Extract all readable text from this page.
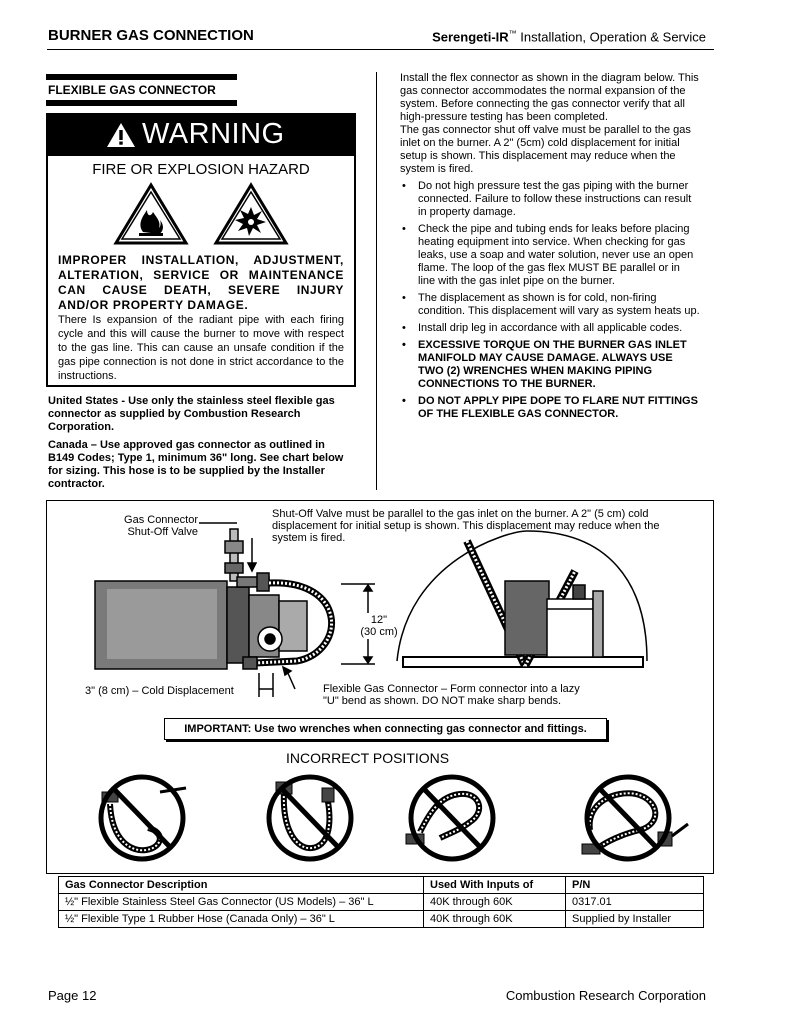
BURNER GAS CONNECTION	Serengeti-IR™ Installation, Operation & Service
FLEXIBLE GAS CONNECTOR
WARNING
FIRE OR EXPLOSION HAZARD
IMPROPER INSTALLATION, ADJUSTMENT, ALTERATION, SERVICE OR MAINTENANCE CAN CAUSE DEATH, SEVERE INJURY AND/OR PROPERTY DAMAGE.
There Is expansion of the radiant pipe with each firing cycle and this will cause the burner to move with respect to the gas line. This can cause an unsafe condition if the gas pipe connection is not done in strict accordance to the instructions.
United States - Use only the stainless steel flexible gas connector as supplied by Combustion Research Corporation.
Canada – Use approved gas connector as outlined in B149 Codes; Type 1, minimum 36" long. See chart below for sizing. This hose is to be supplied by the Installer contractor.

Install the flex connector as shown in the diagram below. This gas connector accommodates the normal expansion of the system. Before connecting the gas connector verify that all high-pressure testing has been completed.

The gas connector shut off valve must be parallel to the gas inlet on the burner. A 2" (5cm) cold displacement for initial setup is shown. This displacement may reduce when the system is fired.

• Do not high pressure test the gas piping with the burner connected. Failure to follow these instructions can result in property damage.
• Check the pipe and tubing ends for leaks before placing heating equipment into service. When checking for gas leaks, use a soap and water solution, never use an open flame. The loop of the gas flex MUST BE parallel or in line with the gas inlet pipe on the burner.
• The displacement as shown is for cold, non-firing condition. This displacement will vary as system heats up.
• Install drip leg in accordance with all applicable codes.
• EXCESSIVE TORQUE ON THE BURNER GAS INLET MANIFOLD MAY CAUSE DAMAGE. ALWAYS USE TWO (2) WRENCHES WHEN MAKING PIPING CONNECTIONS TO THE BURNER.
• DO NOT APPLY PIPE DOPE TO FLARE NUT FITTINGS OF THE FLEXIBLE GAS CONNECTOR.
Gas Connector
Shut-Off Valve
Shut-Off Valve must be parallel to the gas inlet on the burner. A 2" (5 cm) cold displacement for initial setup is shown. This displacement may reduce when the system is fired.
12"
(30 cm)
3" (8 cm) – Cold Displacement	Flexible Gas Connector – Form connector into a lazy "U" bend as shown. DO NOT make sharp bends.
IMPORTANT: Use two wrenches when connecting gas connector and fittings.
INCORRECT POSITIONS
Gas Connector Description	Used With Inputs of	P/N
½" Flexible Stainless Steel Gas Connector (US Models) – 36" L	40K through 60K	0317.01
½" Flexible Type 1 Rubber Hose (Canada Only) – 36" L	40K through 60K	Supplied by Installer
Page 12	Combustion Research Corporation
